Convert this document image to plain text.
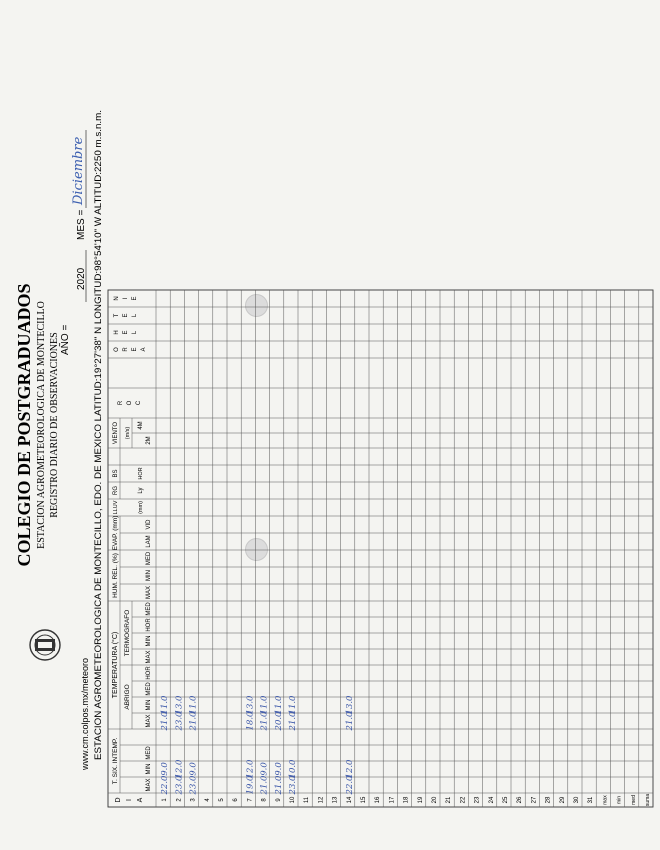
COLEGIO DE POSTGRADUADOS ESTACION AGROMETEOROLOGICA DE MONTECILLO REGISTRO DIARIO DE OBSERVACIONES AÑO =
2020
MES =
Diciembre
www.cm.colpos.mx/meteoro ESTACION AGROMETEOROLOGICA DE MONTECILLO, EDO. DE MEXICO LATITUD:19°27'38" N LONGITUD:98°54'10" W ALTITUD:2250 m.s.n.m.
D I A
T. SIX. INTEMP.
TEMPERATURA (°C) ABRIGO
TERMOGRAFO
HUM. REL. (%)
EVAP. (mm)
LLUV
RG
BS
VIENTO (m/s)
MAX
MIN
MED
MAX
MIN
MED
HOR
MAX
MIN
HOR
MED
MAX
MIN
MED
LAM
VID
(mm)
Ly
HOR
2M
4M
R O C
O R E A
H E L
T E L
N I E
1 2 3 4 5 6 7 8 9 10 11 12 13 14 15 16 17 18 19 20 21 22 23 24 25 26 27 28 29 30 31 max min med suma
22.0
9.0
21.0
11.0
23.0
12.0
23.0
13.0
23.0
9.0
21.0
11.0
19.0
12.0
18.0
13.0
21.0
9.0
21.0
11.0
21.0
9.0
20.0
11.0
23.0
10.0
21.0
11.0
22.0
12.0
21.0
13.0
